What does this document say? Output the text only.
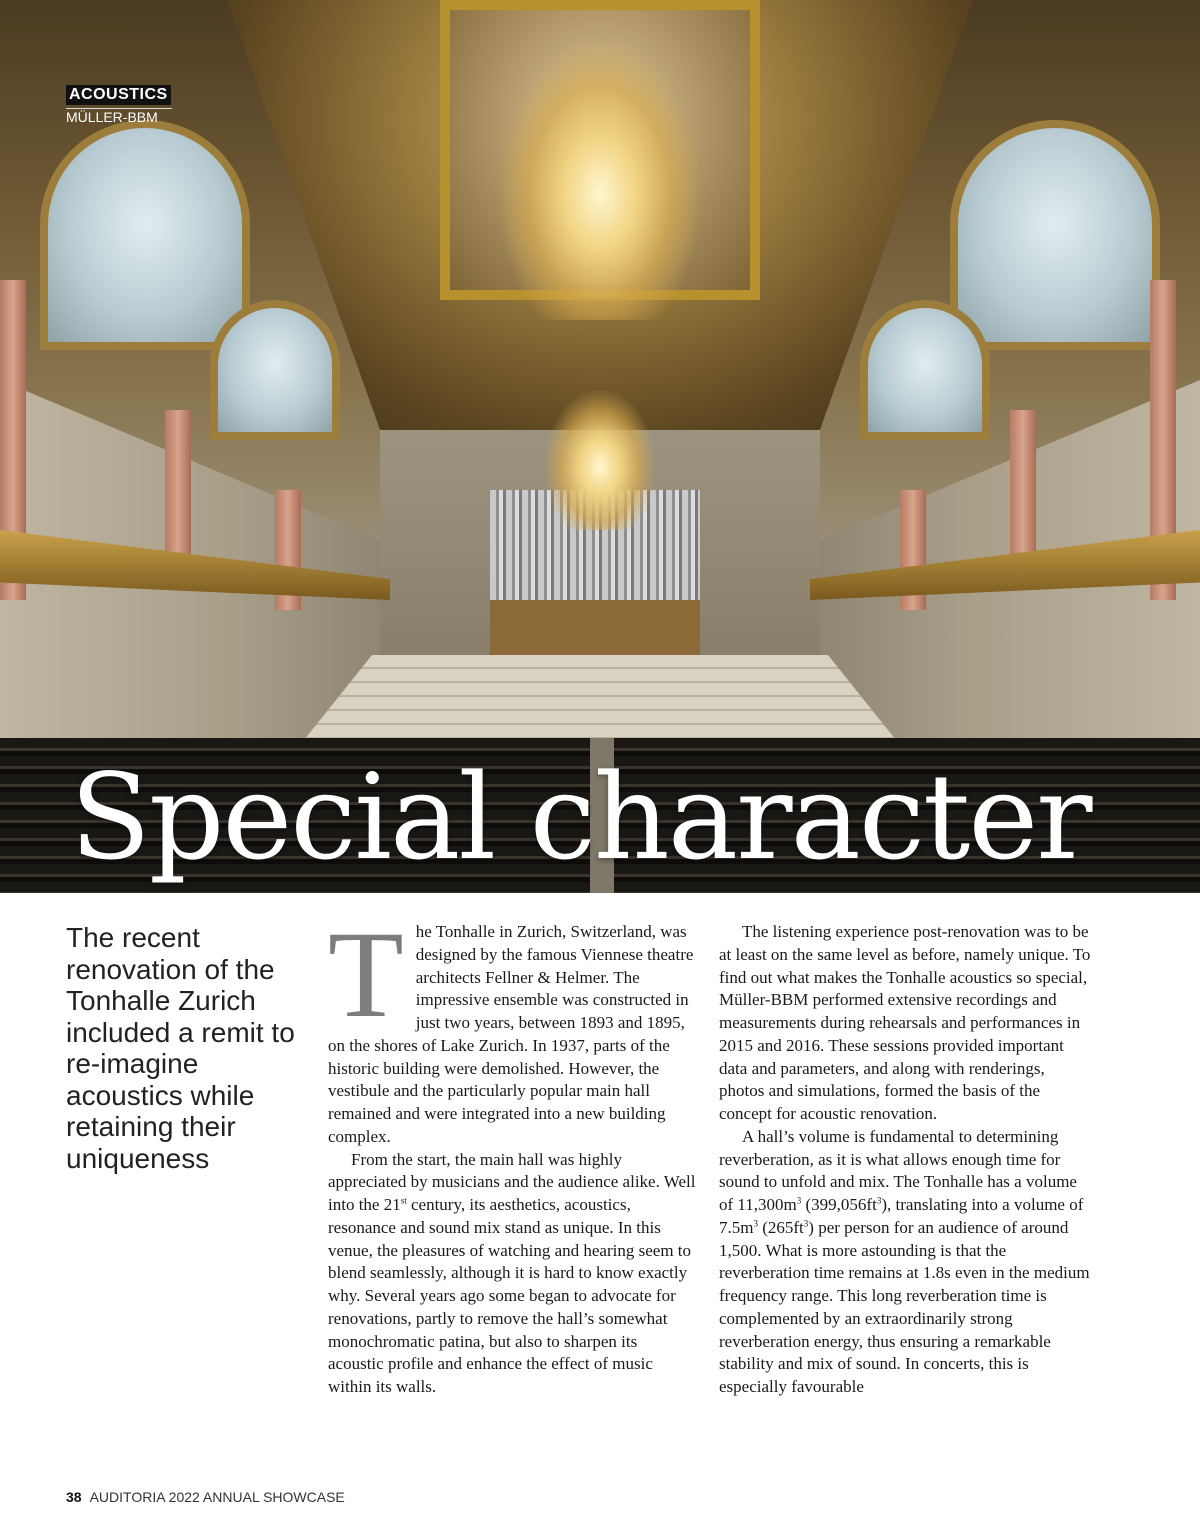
ACOUSTICS
MÜLLER-BBM
Special character

The recent renovation of the Tonhalle Zurich included a remit to re-imagine acoustics while retaining their uniqueness

The Tonhalle in Zurich, Switzerland, was designed by the famous Viennese theatre architects Fellner & Helmer. The impressive ensemble was constructed in just two years, between 1893 and 1895, on the shores of Lake Zurich. In 1937, parts of the historic building were demolished. However, the vestibule and the particularly popular main hall remained and were integrated into a new building complex.

From the start, the main hall was highly appreciated by musicians and the audience alike. Well into the 21st century, its aesthetics, acoustics, resonance and sound mix stand as unique. In this venue, the pleasures of watching and hearing seem to blend seamlessly, although it is hard to know exactly why. Several years ago some began to advocate for renovations, partly to remove the hall’s somewhat monochromatic patina, but also to sharpen its acoustic profile and enhance the effect of music within its walls.

The listening experience post-renovation was to be at least on the same level as before, namely unique. To find out what makes the Tonhalle acoustics so special, Müller-BBM performed extensive recordings and measurements during rehearsals and performances in 2015 and 2016. These sessions provided important data and parameters, and along with renderings, photos and simulations, formed the basis of the concept for acoustic renovation.

A hall’s volume is fundamental to determining reverberation, as it is what allows enough time for sound to unfold and mix. The Tonhalle has a volume of $11,300m^3$ $(399,056ft^3)$, translating into a volume of $7.5m^3$ $(265ft^3)$ per person for an audience of around 1,500. What is more astounding is that the reverberation time remains at 1.8s even in the medium frequency range. This long reverberation time is complemented by an extraordinarily strong reverberation energy, thus ensuring a remarkable stability and mix of sound. In concerts, this is especially favourable

38 AUDITORIA 2022 ANNUAL SHOWCASE
